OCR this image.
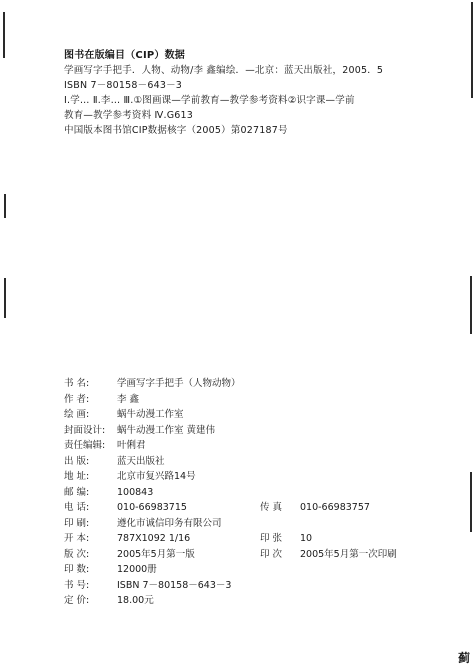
图书在版编目（CIP）数据
学画写字手把手．人物、动物/李 鑫编绘．—北京：蓝天出版社，2005．5
ISBN 7－80158－643－3
Ⅰ.学… Ⅱ.李… Ⅲ.①图画课—学前教育—教学参考资料②识字课—学前
教育—教学参考资料 Ⅳ.G613
中国版本图书馆CIP数据核字（2005）第027187号
书 名:	学画写字手把手（人物动物）
作 者:	李 鑫
绘 画:	蜗牛动漫工作室
封面设计: 蜗牛动漫工作室 黄建伟
责任编辑: 叶俐君
出 版:	蓝天出版社
地 址:	北京市复兴路14号
邮 编:	100843
电 话:	010-66983715	传 真 010-66983757
印 刷:	遵化市诚信印务有限公司
开 本:	787X1092 1/16	印 张 10
版 次:	2005年5月第一版	印 次 2005年5月第一次印刷
印 数:	12000册
书 号:	ISBN 7－80158－643－3
定 价:	18.00元
蓟
